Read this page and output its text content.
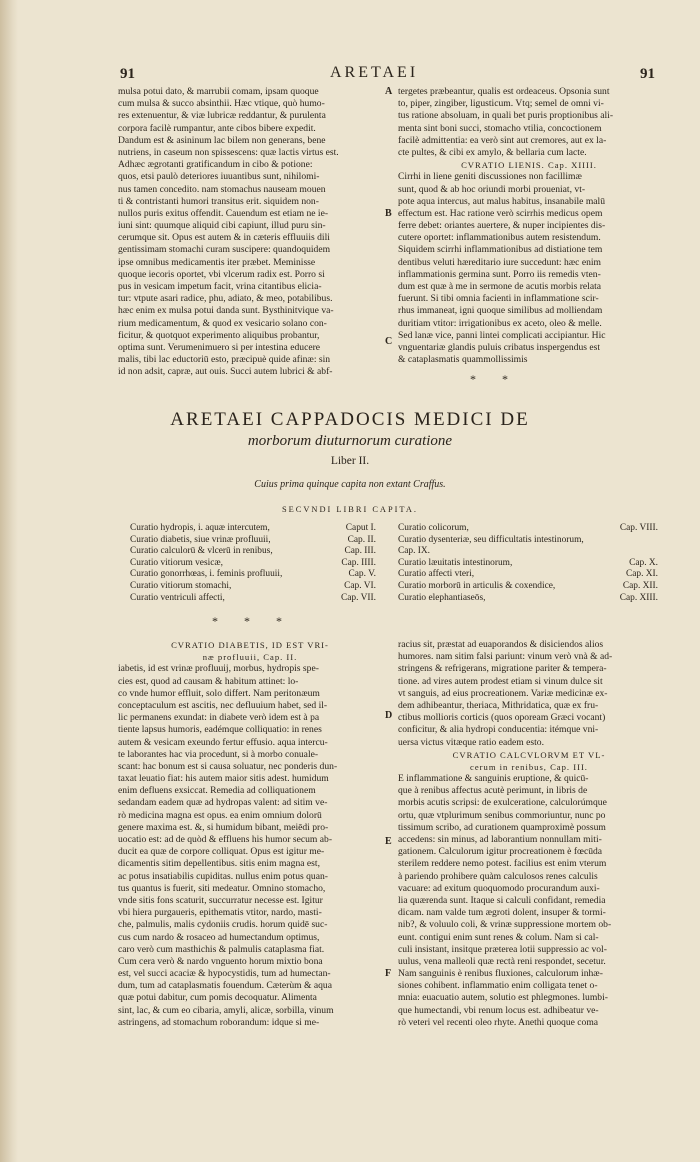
91	ARETAEI	91
mulsa potui dato, & marrubii comam, ipsam quoque
cum mulsa & succo absinthii. Hæc vtique, quò humo-
res extenuentur, & viæ lubricæ reddantur, & purulenta
corpora facilè rumpantur, ante cibos bibere expedit.
Dandum est & asininum lac bilem non generans, bene
nutriens, in caseum non spissescens: quæ lactis virtus est.
Adhæc ægrotanti gratificandum in cibo & potione:
quos, etsi paulò deteriores iuuantibus sunt, nihilomi-
nus tamen concedito. nam stomachus nauseam mouen
ti & contristanti humori transitus erit. siquidem non-
nullos puris exitus offendit. Cauendum est etiam ne ie-
iuni sint: quumque aliquid cibi capiunt, illud puru sin-
cerumque sit. Opus est autem & in cæteris effluuiis dili
gentissimam stomachi curam suscipere: quandoquidem
ipse omnibus medicamentis iter præbet. Meminisse
quoque iecoris oportet, vbi vlcerum radix est. Porro si
pus in vesicam impetum facit, vrina citantibus elicia-
tur: vtpute asari radice, phu, adiato, & meo, potabilibus.
hæc enim ex mulsa potui danda sunt. Bysthinitvique va-
rium medicamentum, & quod ex vesicario solano con-
ficitur, & quotquot experimento aliquibus probantur,
optima sunt. Verumenimuero si per intestina educere
malis, tibi lac eductoriū esto, præcipuè quide afinæ: sin
id non adsit, capræ, aut ouis. Succi autem lubrici & abf-
tergetes præbeantur, qualis est ordeaceus. Opsonia sunt
to, piper, zingiber, ligusticum. Vtq; semel de omni vi-
tus ratione absoluam, in quali bet puris proptionibus ali-
menta sint boni succi, stomacho vtilia, concoctionem
facilè admittentia: ea verò sint aut cremores, aut ex la-
cte pultes, & cibi ex amylo, & bellaria cum lacte.
CVRATIO LIENIS. Cap. XIIII.
Cirrhi in liene geniti discussiones non facillimæ
sunt, quod & ab hoc oriundi morbi proueniat, vt-
pote aqua intercus, aut malus habitus, insanabile malū
effectum est. Hac ratione verò scirrhis medicus opem
ferre debet: oriantes auertere, & nuper incipientes dis-
cutere oportet: inflammationibus autem resistendum.
Siquidem scirrhi inflammationibus ad distiatione tem
dentibus veluti hæreditario iure succedunt: hæc enim
inflammationis germina sunt. Porro iis remedis vten-
dum est quæ à me in sermone de acutis morbis relata
fuerunt. Si tibi omnia facienti in inflammatione scir-
rhus immaneat, igni quoque similibus ad molliendam
duritiam vtitor: irrigationibus ex aceto, oleo & melle.
Sed lanæ vice, panni lintei complicati accipiantur. Hic
vnguentariæ glandis puluis cribatus inspergendus est
& cataplasmatis quammollissimis
A
B
C
D
E
F
**
ARETAEI CAPPADOCIS MEDICI DE
morborum diuturnorum curatione
Liber II.
Cuius prima quinque capita non extant Craffus.
SECVNDI LIBRI CAPITA.
Curatio hydropis, i. aquæ intercutem,	Caput I.
Curatio diabetis, siue vrinæ profluuii,	Cap. II.
Curatio calculorū & vlcerū in renibus,	Cap. III.
Curatio vitiorum vesicæ,	Cap. IIII.
Curatio gonorrhœas, i. feminis profluuii,	Cap. V.
Curatio vitiorum stomachi,	Cap. VI.
Curatio ventriculi affecti,	Cap. VII.
Curatio colicorum,	Cap. VIII.
Curatio dysenteriæ, seu difficultatis intestinorum,
Cap. IX.
Curatio læuitatis intestinorum,	Cap. X.
Curatio affecti vteri,	Cap. XI.
Curatio morborū in articulis & coxendice,	Cap. XII.
Curatio elephantiaseōs,	Cap. XIII.
***
CVRATIO DIABETIS, ID EST VRI-
næ profluuii, Cap. II.
iabetis, id est vrinæ profluuij, morbus, hydropis spe-
cies est, quod ad causam & habitum attinet: lo-
co vnde humor effluit, solo differt. Nam peritonæum
conceptaculum est ascitis, nec defluuium habet, sed il-
lic permanens exundat: in diabete verò idem est à pa
tiente lapsus humoris, eadémque colliquatio: in renes
autem & vesicam exeundo fertur effusio. aqua intercu-
te laborantes hac via procedunt, si à morbo conuale-
scant: hac bonum est si causa soluatur, nec ponderis dun-
taxat leuatio fiat: his autem maior sitis adest. humidum
enim defluens exsiccat. Remedia ad colliquationem
sedandam eadem quæ ad hydropas valent: ad sitim ve-
rò medicina magna est opus. ea enim omnium dolorū
genere maxima est. &, si humidum bibant, meiēdi pro-
uocatio est: ad de quòd & effluens his humor secum ab-
ducit ea quæ de corpore colliquat. Opus est igitur me-
dicamentis sitim depellentibus. sitis enim magna est,
ac potus insatiabilis cupiditas. nullus enim potus quan-
tus quantus is fuerit, siti medeatur. Omnino stomacho,
vnde sitis fons scaturit, succurratur necesse est. Igitur
vbi hiera purgaueris, epithematis vtitor, nardo, masti-
che, palmulis, malis cydoniis crudis. horum quidē suc-
cus cum nardo & rosaceo ad humectandum optimus,
caro verò cum masthichis & palmulis cataplasma fiat.
Cum cera verò & nardo vnguento horum mixtio bona
est, vel succi acaciæ & hypocystidis, tum ad humectan-
dum, tum ad cataplasmatis fouendum. Cæterùm & aqua
quæ potui dabitur, cum pomis decoquatur. Alimenta
sint, lac, & cum eo cibaria, amyli, alicæ, sorbilla, vinum
astringens, ad stomachum roborandum: idque si me-
racius sit, præstat ad euaporandos & disiciendos alios
humores. nam sitim falsi pariunt: vinum verò vnà & ad-
stringens & refrigerans, migratione pariter & tempera-
tione. ad vires autem prodest etiam si vinum dulce sit
vt sanguis, ad eius procreationem. Variæ medicinæ ex-
dem adhibeantur, theriaca, Mithridatica, quæ ex fru-
ctibus mollioris corticis (quos opoream Græci vocant)
conficitur, & alia hydropi conducentia: itémque vni-
uersa victus vitæque ratio eadem esto.
CVRATIO CALCVLORVM ET VL-
cerum in renibus, Cap. III.
E inflammatione & sanguinis eruptione, & quicū-
que à renibus affectus acutè perimunt, in libris de
morbis acutis scripsi: de exulceratione, calculorúmque
ortu, quæ vtplurimum senibus commoriuntur, nunc po
tissimum scribo, ad curationem quamproximè possum
accedens: sin minus, ad laborantium nonnullam miti-
gationem. Calculorum igitur procreationem è fœcūda
sterilem reddere nemo potest. facilius est enim vterum
à pariendo prohibere quàm calculosos renes calculis
vacuare: ad exitum quoquomodo procurandum auxi-
lia quærenda sunt. Itaque si calculi confidant, remedia
dicam. nam valde tum ægroti dolent, insuper & tormi-
nib?, & voluulo coli, & vrinæ suppressione mortem ob-
eunt. contigui enim sunt renes & colum. Nam si cal-
culi insistant, insitque præterea lotii suppressio ac vol-
uulus, vena malleoli quæ rectà reni respondet, secetur.
Nam sanguinis è renibus fluxiones, calculorum inhæ-
siones cohibent. inflammatio enim colligata tenet o-
mnia: euacuatio autem, solutio est phlegmones. lumbi-
que humectandi, vbi renum locus est. adhibeatur ve-
rò veteri vel recenti oleo rhyte. Anethi quoque coma
